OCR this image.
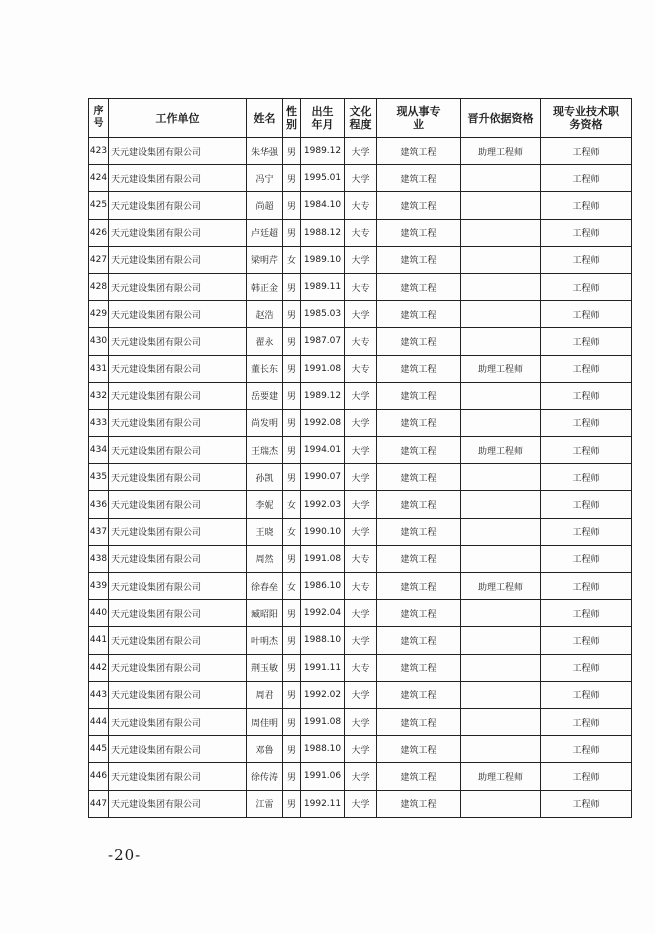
序号	工作单位	姓名	性别	出生年月	文化程度	现从事专业	晋升依据资格	现专业技术职务资格
423	天元建设集团有限公司	朱华强	男	1989.12	大学	建筑工程	助理工程师	工程师
424	天元建设集团有限公司	冯宁	男	1995.01	大学	建筑工程		工程师
425	天元建设集团有限公司	尚超	男	1984.10	大专	建筑工程		工程师
426	天元建设集团有限公司	卢廷超	男	1988.12	大专	建筑工程		工程师
427	天元建设集团有限公司	梁明芹	女	1989.10	大学	建筑工程		工程师
428	天元建设集团有限公司	韩正金	男	1989.11	大专	建筑工程		工程师
429	天元建设集团有限公司	赵浩	男	1985.03	大学	建筑工程		工程师
430	天元建设集团有限公司	翟永	男	1987.07	大专	建筑工程		工程师
431	天元建设集团有限公司	董长东	男	1991.08	大专	建筑工程	助理工程师	工程师
432	天元建设集团有限公司	岳要建	男	1989.12	大学	建筑工程		工程师
433	天元建设集团有限公司	尚发明	男	1992.08	大学	建筑工程		工程师
434	天元建设集团有限公司	王瑞杰	男	1994.01	大学	建筑工程	助理工程师	工程师
435	天元建设集团有限公司	孙凯	男	1990.07	大学	建筑工程		工程师
436	天元建设集团有限公司	李妮	女	1992.03	大学	建筑工程		工程师
437	天元建设集团有限公司	王晓	女	1990.10	大学	建筑工程		工程师
438	天元建设集团有限公司	周然	男	1991.08	大专	建筑工程		工程师
439	天元建设集团有限公司	徐春垒	女	1986.10	大专	建筑工程	助理工程师	工程师
440	天元建设集团有限公司	臧昭阳	男	1992.04	大学	建筑工程		工程师
441	天元建设集团有限公司	叶明杰	男	1988.10	大学	建筑工程		工程师
442	天元建设集团有限公司	荆玉敏	男	1991.11	大专	建筑工程		工程师
443	天元建设集团有限公司	周君	男	1992.02	大学	建筑工程		工程师
444	天元建设集团有限公司	周佳明	男	1991.08	大学	建筑工程		工程师
445	天元建设集团有限公司	邓鲁	男	1988.10	大学	建筑工程		工程师
446	天元建设集团有限公司	徐传涛	男	1991.06	大学	建筑工程	助理工程师	工程师
447	天元建设集团有限公司	江雷	男	1992.11	大学	建筑工程		工程师
-20-
